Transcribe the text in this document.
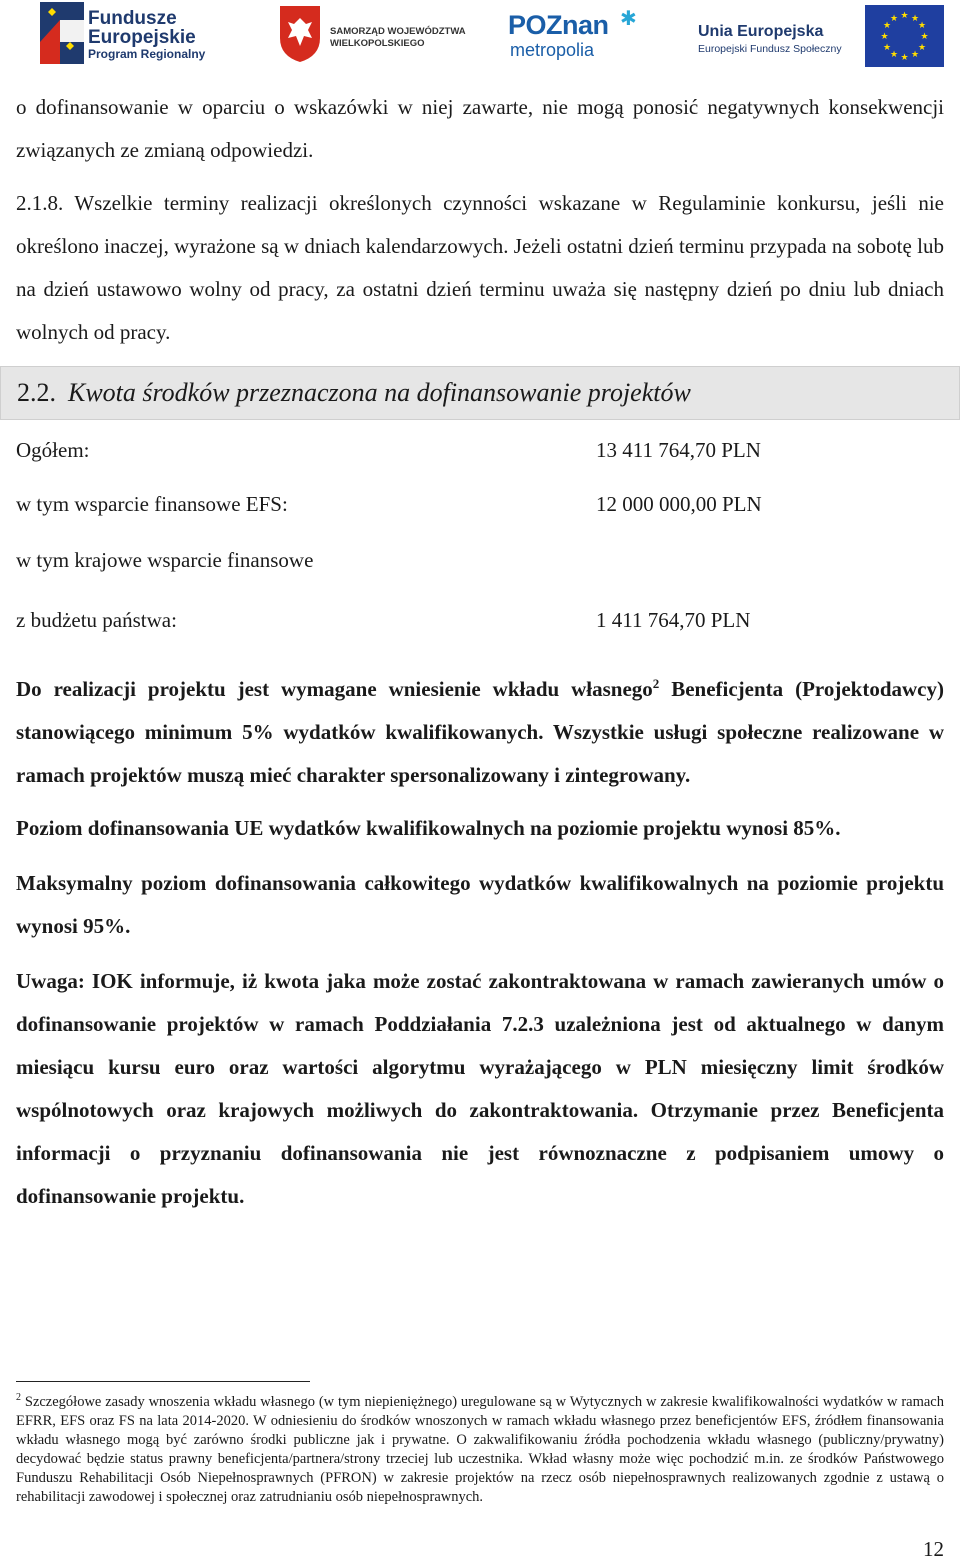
Fundusze
Europejskie
Program Regionalny
SAMORZĄD WOJEWÓDZTWA
WIELKOPOLSKIEGO
POZnan ✱
metropolia
Unia Europejska
Europejski Fundusz Społeczny
★ ★
★
★
★
★
★
★
★
★
★
★

o dofinansowanie w oparciu o wskazówki w niej zawarte, nie mogą ponosić negatywnych konsekwencji związanych ze zmianą odpowiedzi.

2.1.8. Wszelkie terminy realizacji określonych czynności wskazane w Regulaminie konkursu, jeśli nie określono inaczej, wyrażone są w dniach kalendarzowych. Jeżeli ostatni dzień terminu przypada na sobotę lub na dzień ustawowo wolny od pracy, za ostatni dzień terminu uważa się następny dzień po dniu lub dniach wolnych od pracy.

2.2. Kwota środków przeznaczona na dofinansowanie projektów
Ogółem:	13 411 764,70 PLN
w tym wsparcie finansowe EFS:	12 000 000,00 PLN
w tym krajowe wsparcie finansowe
z budżetu państwa:	1 411 764,70 PLN

Do realizacji projektu jest wymagane wniesienie wkładu własnego$^2$ Beneficjenta (Projektodawcy) stanowiącego minimum 5% wydatków kwalifikowanych. Wszystkie usługi społeczne realizowane w ramach projektów muszą mieć charakter spersonalizowany i zintegrowany.

Poziom dofinansowania UE wydatków kwalifikowalnych na poziomie projektu wynosi 85%.

Maksymalny poziom dofinansowania całkowitego wydatków kwalifikowalnych na poziomie projektu wynosi 95%.

Uwaga: IOK informuje, iż kwota jaka może zostać zakontraktowana w ramach zawieranych umów o dofinansowanie projektów w ramach Poddziałania 7.2.3 uzależniona jest od aktualnego w danym miesiącu kursu euro oraz wartości algorytmu wyrażającego w PLN miesięczny limit środków wspólnotowych oraz krajowych możliwych do zakontraktowania. Otrzymanie przez Beneficjenta informacji o przyznaniu dofinansowania nie jest równoznaczne z podpisaniem umowy o dofinansowanie projektu.

$^2$ Szczegółowe zasady wnoszenia wkładu własnego (w tym niepieniężnego) uregulowane są w Wytycznych w zakresie kwalifikowalności wydatków w ramach EFRR, EFS oraz FS na lata 2014-2020. W odniesieniu do środków wnoszonych w ramach wkładu własnego przez beneficjentów EFS, źródłem finansowania wkładu własnego mogą być zarówno środki publiczne jak i prywatne. O zakwalifikowaniu źródła pochodzenia wkładu własnego (publiczny/prywatny) decydować będzie status prawny beneficjenta/partnera/strony trzeciej lub uczestnika. Wkład własny może więc pochodzić m.in. ze środków Państwowego Funduszu Rehabilitacji Osób Niepełnosprawnych (PFRON) w zakresie projektów na rzecz osób niepełnosprawnych realizowanych zgodnie z ustawą o rehabilitacji zawodowej i społecznej oraz zatrudnianiu osób niepełnosprawnych.
12
